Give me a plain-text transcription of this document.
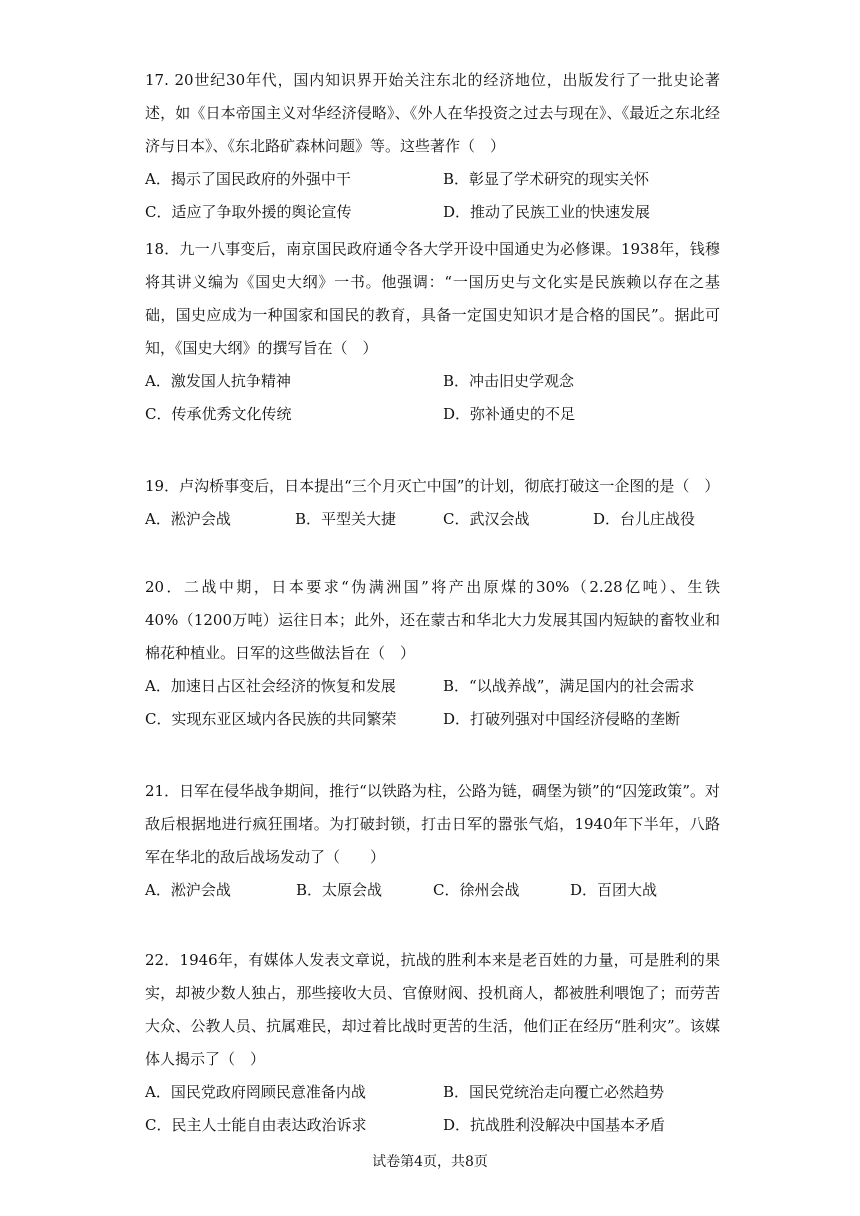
17. 20世纪30年代，国内知识界开始关注东北的经济地位，出版发行了一批史论著述，如《日本帝国主义对华经济侵略》、《外人在华投资之过去与现在》、《最近之东北经济与日本》、《东北路矿森林问题》等。这些著作（　）

A．揭示了国民政府的外强中干	B．彰显了学术研究的现实关怀
C．适应了争取外援的舆论宣传	D．推动了民族工业的快速发展

18．九一八事变后，南京国民政府通令各大学开设中国通史为必修课。1938年，钱穆将其讲义编为《国史大纲》一书。他强调：“一国历史与文化实是民族赖以存在之基础，国史应成为一种国家和国民的教育，具备一定国史知识才是合格的国民”。据此可知，《国史大纲》的撰写旨在（　）

A．激发国人抗争精神	B．冲击旧史学观念
C．传承优秀文化传统	D．弥补通史的不足

19．卢沟桥事变后，日本提出“三个月灭亡中国”的计划，彻底打破这一企图的是（　）

A．淞沪会战	B．平型关大捷	C．武汉会战	D．台儿庄战役

20．二战中期，日本要求“伪满洲国”将产出原煤的30%（2.28亿吨）、生铁40%（1200万吨）运往日本；此外，还在蒙古和华北大力发展其国内短缺的畜牧业和棉花种植业。日军的这些做法旨在（　）

A．加速日占区社会经济的恢复和发展	B．“以战养战”，满足国内的社会需求
C．实现东亚区域内各民族的共同繁荣	D．打破列强对中国经济侵略的垄断

21．日军在侵华战争期间，推行“以铁路为柱，公路为链，碉堡为锁”的“囚笼政策”。对敌后根据地进行疯狂围堵。为打破封锁，打击日军的嚣张气焰，1940年下半年，八路军在华北的敌后战场发动了（　　）

A．淞沪会战	B．太原会战	C．徐州会战	D．百团大战

22．1946年，有媒体人发表文章说，抗战的胜利本来是老百姓的力量，可是胜利的果实，却被少数人独占，那些接收大员、官僚财阀、投机商人，都被胜利喂饱了；而劳苦大众、公教人员、抗属难民，却过着比战时更苦的生活，他们正在经历“胜利灾”。该媒体人揭示了（　）

A．国民党政府罔顾民意准备内战	B．国民党统治走向覆亡必然趋势
C．民主人士能自由表达政治诉求	D．抗战胜利没解决中国基本矛盾
试卷第4页，共8页
